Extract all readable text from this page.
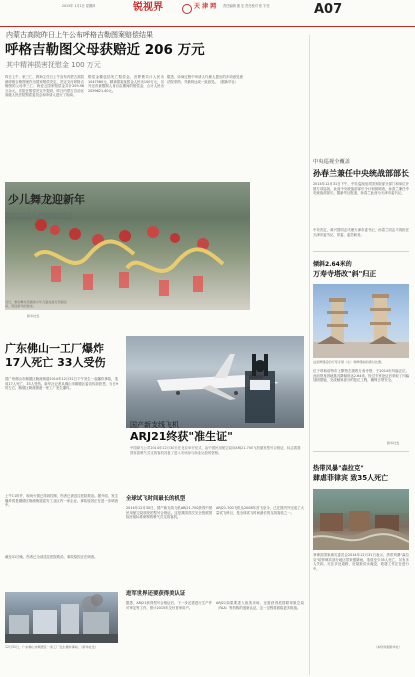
2015年 1月1日 星期四	锐视界	天 津 网 责任编辑 康 宏 责任校对 张 宇莹	A07
内蒙古高院昨日上午公布呼格吉勒图案赔偿结果
呼格吉勒图父母获赔近 206 万元
其中精神损害抚慰金 100 万元
昨日上午，家三仁，教诲主任日上午宣布内蒙古高院就呼格吉勒图案作出国家赔偿决定，决定支付呼格吉勒图的父母李三仁、尚爱云国家赔偿金共计205.96万余元。法院在赔偿决定中提到，昨日内蒙古自治区高级人民法院赔偿委员会和申请人进行了协商。
赔偿金额包括死亡赔偿金、丧葬费共计人民币1047580元，精神损害抚慰金人民币100万元，另外还有被限制人身自由期间的赔偿金，合计人民币2059621.40元。
据悉，协商过程中申请人代理人提出的多项意见被法院采纳，并最终达成一致意见。（据新华社）
少儿舞龙迎新年
2014 年 12 月 31 日，参加舞龙表演的少年儿童在进行 "送龙迎新年" 活动，喜迎 "2015" 年的到来。
当日，参加舞龙表演的少年儿童在进行表演活动，喜迎新年的到来。
新华社发
广东佛山一工厂爆炸
17人死亡 33人受伤
国广州佛山市顺德区勒流街道2014年12月31日下午发生一起爆炸事故，造成17人死亡，33人受伤。新华社记者从佛山市顺德区委宣传部获悉，当日9时左右，顺德区勒流街道一家工厂发生爆炸。
上午11时许，现场火情已得到控制，伤者已被送往医院救治。据介绍，发生爆炸的是顺德区勒流街道富安工业区内一家企业。事故原因正在进一步调查中。
截至31日晚，伤者已全部送往医院救治，事故原因正在调查。
12月31日，广东佛山市顺德区一家工厂发生爆炸事故。（新华社发）
国产新支线飞机
ARJ21终获"准生证"
中国商飞公司2014年12月30日在北京举行仪式，由中国民用航空局向ARJ21-700飞机颁发型号合格证，标志着我国首款喷气式支线客机具备了进入市场参与商业运营的资格。
全球试飞时间最长的机型
2014年12月30日，国产新支线飞机ARJ21-700获得中国民用航空局颁发的型号合格证。这是我国首次完全按照国际民航标准研制的喷气式支线客机。
ARJ21-700飞机从2008年首飞至今，已在国内外完成了大量试飞科目，是全球试飞时间最长的支线客机之一。
进军世界还要获得美认证
据悉，ARJ21获得型号合格证后，下一步还需进行生产许可审定等工作，预计2015年交付首家用户。
ARJ21如果要进入欧美市场，还需获得美国联邦航空局（FAA）等机构的适航认证，这一过程将面临更多挑战。
中央巡视全覆盖
孙春兰兼任中央统战部部长
2014年12月31日下午，中央巡视组对国务院部分部门和单位开展专项巡视，此前中央统战部部长令计划被调查，孙春兰兼任中央统战部部长。据新华社报道，孙春兰此前为天津市委书记。
中央决定，黄兴国同志代理天津市委书记，孙春兰同志不再担任天津市委书记、常委、委员职务。
倾斜2.64米的
万寿寺塔改"斜"归正
这是修缮后的万寿寺塔（左）和修缮前的塔对比图。
位于呼和浩特市土默特左旗的万寿寺塔，于2014年纠偏正位。此前塔身因地基沉降倾斜达2.64米，经过专家论证后采取了纠偏加固措施，完成倾斜部分的复位工程，确保古塔安全。
新华社发
热带风暴"森拉克"
肆虐菲律宾 致35人死亡
菲律宾国家减灾委员会2014年12月31日表示，热带风暴"森拉克"给菲律宾部分地区带来强降雨，造成至少35人死亡，另有多人失踪。灾区多处道路、房屋被洪水淹没，救援工作正在进行中。
（本材料据新华社）
